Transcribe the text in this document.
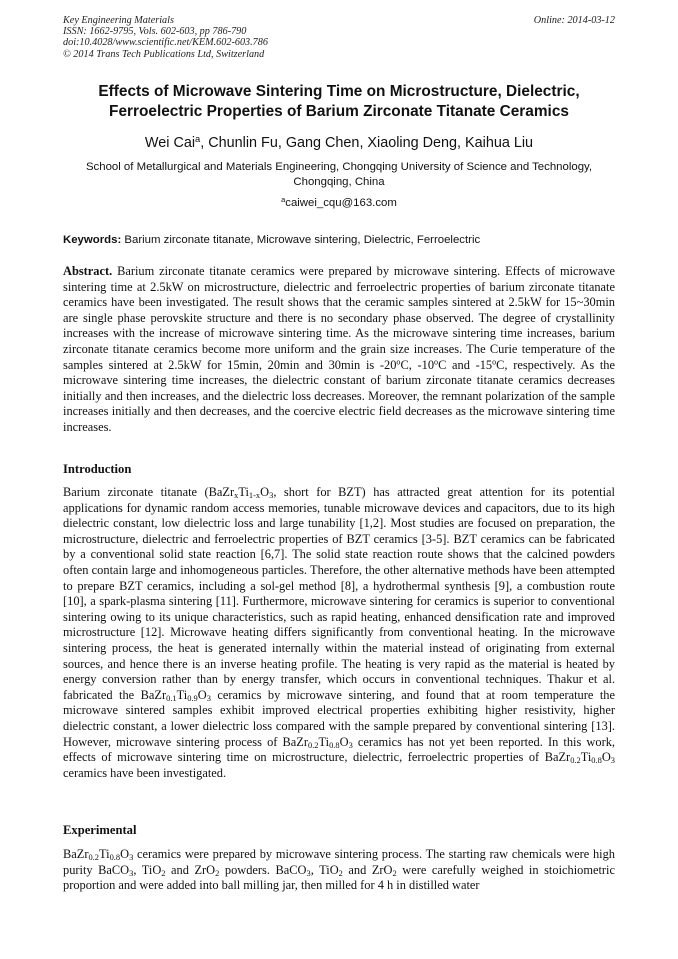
Key Engineering Materials
ISSN: 1662-9795, Vols. 602-603, pp 786-790
doi:10.4028/www.scientific.net/KEM.602-603.786
© 2014 Trans Tech Publications Ltd, Switzerland
Online: 2014-03-12
Effects of Microwave Sintering Time on Microstructure, Dielectric,
Ferroelectric Properties of Barium Zirconate Titanate Ceramics
Wei Cai$^a$, Chunlin Fu, Gang Chen, Xiaoling Deng, Kaihua Liu
School of Metallurgical and Materials Engineering, Chongqing University of Science and Technology, Chongqing, China
$^a$caiwei_cqu@163.com
Keywords: Barium zirconate titanate, Microwave sintering, Dielectric, Ferroelectric
Abstract. Barium zirconate titanate ceramics were prepared by microwave sintering. Effects of microwave sintering time at 2.5kW on microstructure, dielectric and ferroelectric properties of barium zirconate titanate ceramics have been investigated. The result shows that the ceramic samples sintered at 2.5kW for 15~30min are single phase perovskite structure and there is no secondary phase observed. The degree of crystallinity increases with the increase of microwave sintering time. As the microwave sintering time increases, barium zirconate titanate ceramics become more uniform and the grain size increases. The Curie temperature of the samples sintered at 2.5kW for 15min, 20min and 30min is -20$^o$C, -10$^o$C and -15$^o$C, respectively. As the microwave sintering time increases, the dielectric constant of barium zirconate titanate ceramics decreases initially and then increases, and the dielectric loss decreases. Moreover, the remnant polarization of the sample increases initially and then decreases, and the coercive electric field decreases as the microwave sintering time increases.
Introduction
Barium zirconate titanate ($BaZr_xTi_{1-x}O_3$, short for BZT) has attracted great attention for its potential applications for dynamic random access memories, tunable microwave devices and capacitors, due to its high dielectric constant, low dielectric loss and large tunability [1,2]. Most studies are focused on preparation, the microstructure, dielectric and ferroelectric properties of BZT ceramics [3-5]. BZT ceramics can be fabricated by a conventional solid state reaction [6,7]. The solid state reaction route shows that the calcined powders often contain large and inhomogeneous particles. Therefore, the other alternative methods have been attempted to prepare BZT ceramics, including a sol-gel method [8], a hydrothermal synthesis [9], a combustion route [10], a spark-plasma sintering [11]. Furthermore, microwave sintering for ceramics is superior to conventional sintering owing to its unique characteristics, such as rapid heating, enhanced densification rate and improved microstructure [12]. Microwave heating differs significantly from conventional heating. In the microwave sintering process, the heat is generated internally within the material instead of originating from external sources, and hence there is an inverse heating profile. The heating is very rapid as the material is heated by energy conversion rather than by energy transfer, which occurs in conventional techniques. Thakur et al. fabricated the $BaZr_{0.1}Ti_{0.9}O_3$ ceramics by microwave sintering, and found that at room temperature the microwave sintered samples exhibit improved electrical properties exhibiting higher resistivity, higher dielectric constant, a lower dielectric loss compared with the sample prepared by conventional sintering [13]. However, microwave sintering process of $BaZr_{0.2}Ti_{0.8}O_3$ ceramics has not yet been reported. In this work, effects of microwave sintering time on microstructure, dielectric, ferroelectric properties of $BaZr_{0.2}Ti_{0.8}O_3$ ceramics have been investigated.
Experimental
$BaZr_{0.2}Ti_{0.8}O_3$ ceramics were prepared by microwave sintering process. The starting raw chemicals were high purity BaCO$_3$, TiO$_2$ and ZrO$_2$ powders. BaCO$_3$, TiO$_2$ and ZrO$_2$ were carefully weighed in stoichiometric proportion and were added into ball milling jar, then milled for 4 h in distilled water
